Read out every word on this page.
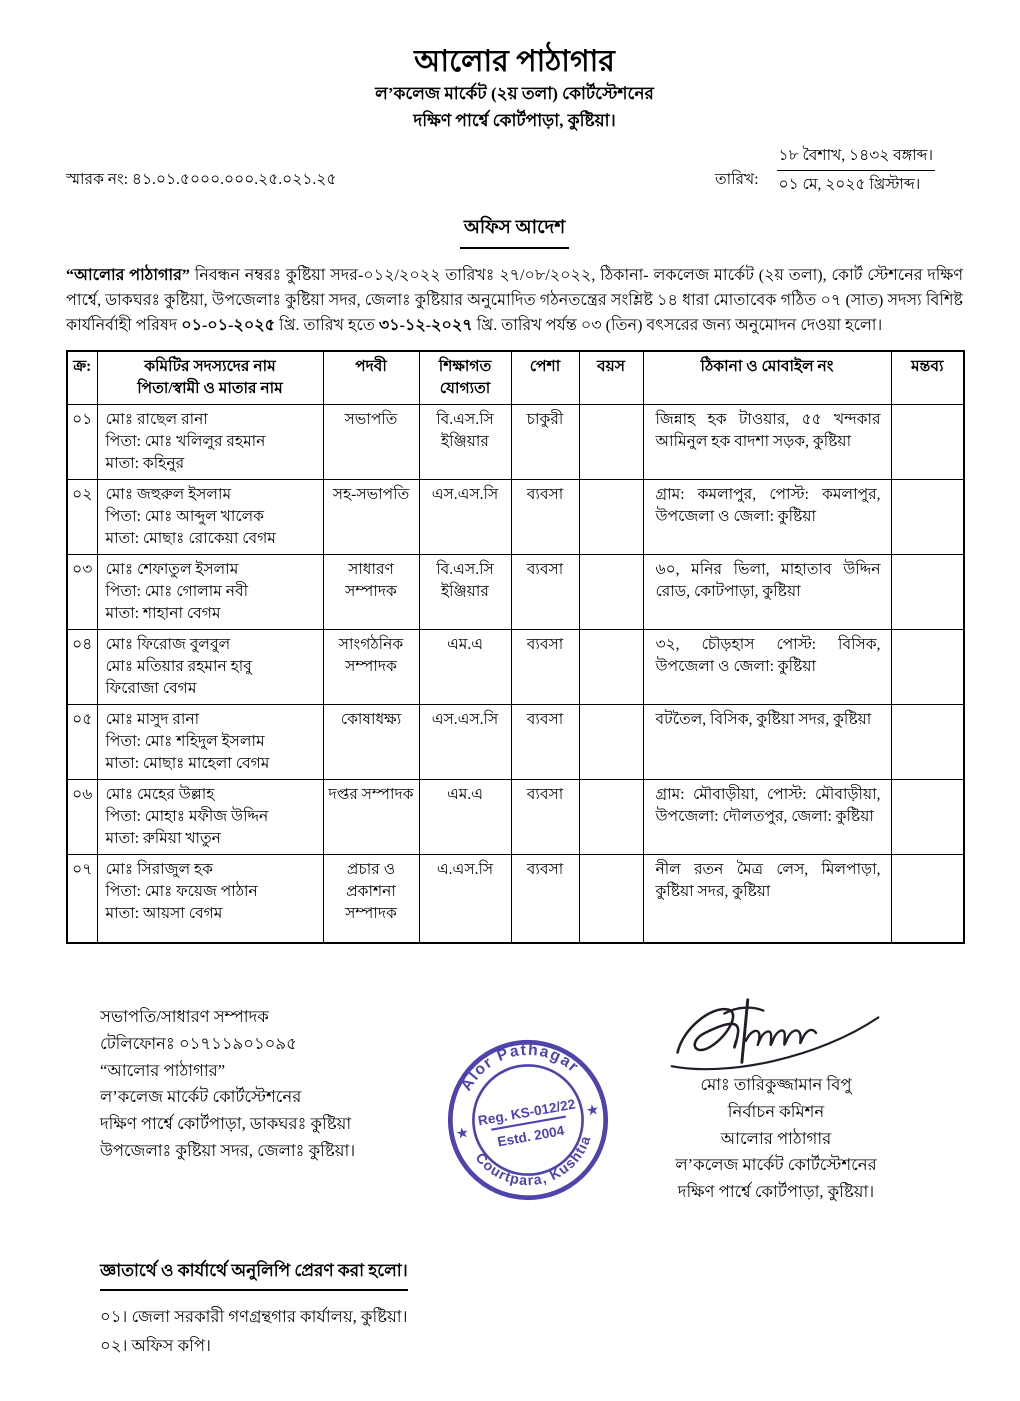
আলোর পাঠাগার
ল’কলেজ মার্কেট (২য় তলা) কোর্টস্টেশনের
দক্ষিণ পার্শ্বে কোর্টপাড়া, কুষ্টিয়া।
স্মারক নং: ৪১.০১.৫০০০.০০০.২৫.০২১.২৫	তারিখ:
১৮ বৈশাখ, ১৪৩২ বঙ্গাব্দ।
০১ মে, ২০২৫ খ্রিস্টাব্দ।
অফিস আদেশ

“আলোর পাঠাগার” নিবন্ধন নম্বরঃ কুষ্টিয়া সদর-০১২/২০২২ তারিখঃ ২৭/০৮/২০২২, ঠিকানা- লকলেজ মার্কেট (২য় তলা), কোর্ট স্টেশনের দক্ষিণ পার্শ্বে, ডাকঘরঃ কুষ্টিয়া, উপজেলাঃ কুষ্টিয়া সদর, জেলাঃ কুষ্টিয়ার অনুমোদিত গঠনতন্ত্রের সংশ্লিষ্ট ১৪ ধারা মোতাবেক গঠিত ০৭ (সাত) সদস্য বিশিষ্ট কার্যনির্বাহী পরিষদ ০১-০১-২০২৫ খ্রি. তারিখ হতে ৩১-১২-২০২৭ খ্রি. তারিখ পর্যন্ত ০৩ (তিন) বৎসরের জন্য অনুমোদন দেওয়া হলো।

ক্র:	কমিটির সদস্যদের নাম
পিতা/স্বামী ও মাতার নাম	পদবী	শিক্ষাগত
যোগ্যতা	পেশা	বয়স	ঠিকানা ও মোবাইল নং	মন্তব্য
০১	মোঃ রাছেল রানা
পিতা: মোঃ খলিলুর রহমান
মাতা: কহিনুর	সভাপতি	বি.এস.সি ইঞ্জিয়ার	চাকুরী		জিন্নাহ হক টাওয়ার, ৫৫ খন্দকার আমিনুল হক বাদশা সড়ক, কুষ্টিয়া	
০২	মোঃ জহুরুল ইসলাম
পিতা: মোঃ আব্দুল খালেক
মাতা: মোছাঃ রোকেয়া বেগম	সহ-সভাপতি	এস.এস.সি	ব্যবসা		গ্রাম: কমলাপুর, পোস্ট: কমলাপুর, উপজেলা ও জেলা: কুষ্টিয়া	
০৩	মোঃ শেফাতুল ইসলাম
পিতা: মোঃ গোলাম নবী
মাতা: শাহানা বেগম	সাধারণ সম্পাদক	বি.এস.সি ইঞ্জিয়ার	ব্যবসা		৬০, মনির ভিলা, মাহাতাব উদ্দিন রোড, কোটপাড়া, কুষ্টিয়া	
০৪	মোঃ ফিরোজ বুলবুল
মোঃ মতিয়ার রহমান হাবু
ফিরোজা বেগম	সাংগঠনিক সম্পাদক	এম.এ	ব্যবসা		৩২, চৌড়হাস পোস্ট: বিসিক, উপজেলা ও জেলা: কুষ্টিয়া	
০৫	মোঃ মাসুদ রানা
পিতা: মোঃ শহিদুল ইসলাম
মাতা: মোছাঃ মাহেলা বেগম	কোষাধক্ষ্য	এস.এস.সি	ব্যবসা		বটতৈল, বিসিক, কুষ্টিয়া সদর, কুষ্টিয়া	
০৬	মোঃ মেহের উল্লাহ
পিতা: মোহাঃ মফীজ উদ্দিন
মাতা: রুমিয়া খাতুন	দপ্তর সম্পাদক	এম.এ	ব্যবসা		গ্রাম: মৌবাড়ীয়া, পোস্ট: মৌবাড়ীয়া, উপজেলা: দৌলতপুর, জেলা: কুষ্টিয়া	
০৭	মোঃ সিরাজুল হক
পিতা: মোঃ ফয়েজ পাঠান
মাতা: আয়সা বেগম	প্রচার ও প্রকাশনা সম্পাদক	এ.এস.সি	ব্যবসা		নীল রতন মৈত্র লেস, মিলপাড়া, কুষ্টিয়া সদর, কুষ্টিয়া	
সভাপতি/সাধারণ সম্পাদক
টেলিফোনঃ ০১৭১১৯০১০৯৫
“আলোর পাঠাগার”
ল’কলেজ মার্কেট কোর্টস্টেশনের
দক্ষিণ পার্শ্বে কোর্টপাড়া, ডাকঘরঃ কুষ্টিয়া
উপজেলাঃ কুষ্টিয়া সদর, জেলাঃ কুষ্টিয়া।
Alor Pathagar
Courtpara, Kushtia
Reg. KS-012/22
Estd. 2004
★
★
মোঃ তারিকুজ্জামান বিপু
নির্বাচন কমিশন
আলোর পাঠাগার
ল’কলেজ মার্কেট কোর্টস্টেশনের
দক্ষিণ পার্শ্বে কোর্টপাড়া, কুষ্টিয়া।
জ্ঞাতার্থে ও কার্যার্থে অনুলিপি প্রেরণ করা হলো।
০১। জেলা সরকারী গণগ্রন্থগার কার্যালয়, কুষ্টিয়া।
০২। অফিস কপি।
